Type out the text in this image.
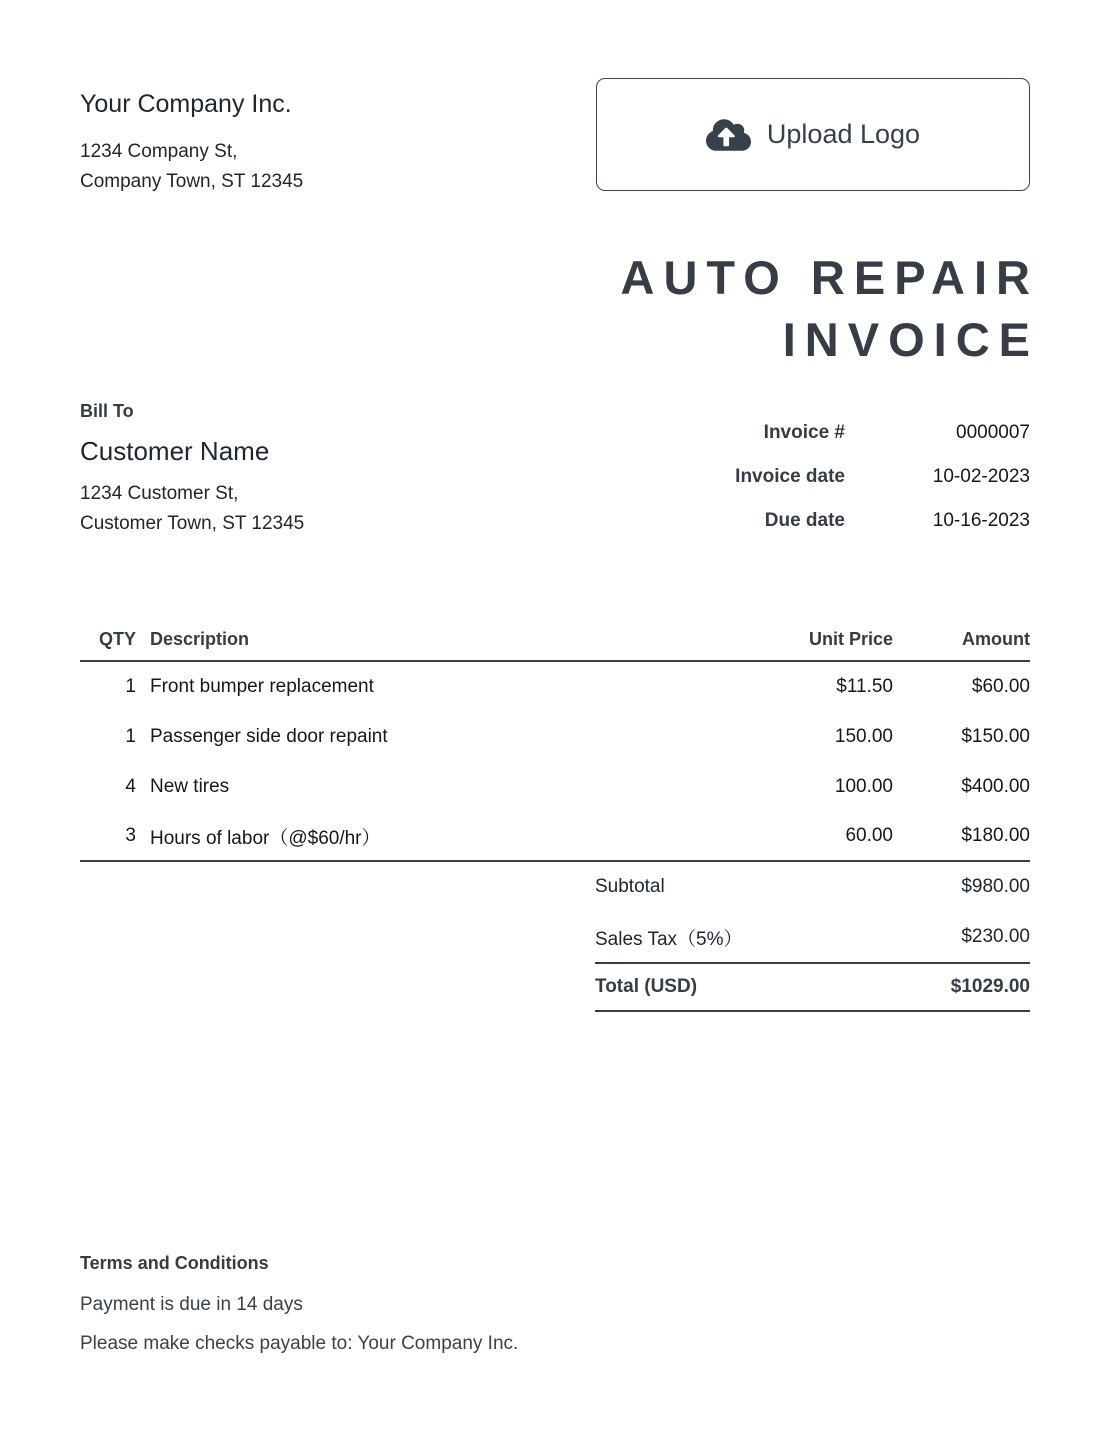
Your Company Inc.
1234 Company St,
Company Town, ST 12345
Upload Logo
AUTO REPAIR
INVOICE
Bill To
Customer Name
1234 Customer St,
Customer Town, ST 12345
Invoice #	0000007
Invoice date	10-02-2023
Due date	10-16-2023
QTY Description	Unit Price	Amount
1 Front bumper replacement	$11.50	$60.00
1 Passenger side door repaint	150.00	$150.00
4 New tires	100.00	$400.00
3 Hours of labor（@$60/hr）	60.00	$180.00
Subtotal	$980.00
Sales Tax（5%）	$230.00
Total (USD)	$1029.00
Terms and Conditions
Payment is due in 14 days
Please make checks payable to: Your Company Inc.
